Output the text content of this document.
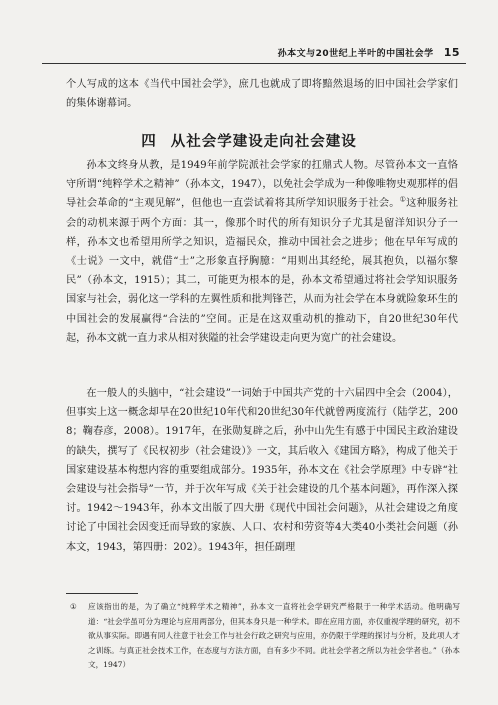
孙本文与20世纪上半叶的中国社会学 15

个人写成的这本《当代中国社会学》，庶几也就成了即将黯然退场的旧中国社会学家们的集体谢幕词。

四 从社会学建设走向社会建设

孙本文终身从教，是1949年前学院派社会学家的扛鼎式人物。尽管孙本文一直恪守所谓“纯粹学术之精神”（孙本文，1947），以免社会学成为一种像唯物史观那样的倡导社会革命的“主观见解”，但他也一直尝试着将其所学知识服务于社会。①这种服务社会的动机来源于两个方面：其一，像那个时代的所有知识分子尤其是留洋知识分子一样，孙本文也希望用所学之知识，造福民众，推动中国社会之进步；他在早年写成的《士说》一文中，就借“士”之形象直抒胸臆：“用则出其经纶，展其抱负，以福尔黎民”（孙本文，1915）；其二，可能更为根本的是，孙本文希望通过将社会学知识服务国家与社会，弱化这一学科的左翼性质和批判锋芒，从而为社会学在本身就险象环生的中国社会的发展赢得“合法的”空间。正是在这双重动机的推动下，自20世纪30年代起，孙本文就一直力求从相对狭隘的社会学建设走向更为宽广的社会建设。

在一般人的头脑中，“社会建设”一词始于中国共产党的十六届四中全会（2004），但事实上这一概念却早在20世纪10年代和20世纪30年代就曾两度流行（陆学艺，2008；鞠春彦，2008）。1917年，在张勋复辟之后，孙中山先生有感于中国民主政治建设的缺失，撰写了《民权初步（社会建设）》一文，其后收入《建国方略》，构成了他关于国家建设基本构想内容的重要组成部分。1935年，孙本文在《社会学原理》中专辟“社会建设与社会指导”一节，并于次年写成《关于社会建设的几个基本问题》，再作深入探讨。1942～1943年，孙本文出版了四大册《现代中国社会问题》，从社会建设之角度讨论了中国社会因变迁而导致的家族、人口、农村和劳资等4大类40小类社会问题（孙本文，1943，第四册：202）。1943年，担任副理

① 应该指出的是，为了确立“纯粹学术之精神”，孙本文一直将社会学研究严格限于一种学术活动。他明确写道：“社会学虽可分为理论与应用两部分，但其本身只是一种学术。即在应用方面，亦仅重视学理的研究，初不欲从事实际。即遇有同人往意于社会工作与社会行政之研究与应用，亦仍限于学理的探讨与分析，及此项人才之训练。与真正社会技术工作，在态度与方法方面，自有多少不同。此社会学者之所以为社会学者也。”（孙本文，1947）
